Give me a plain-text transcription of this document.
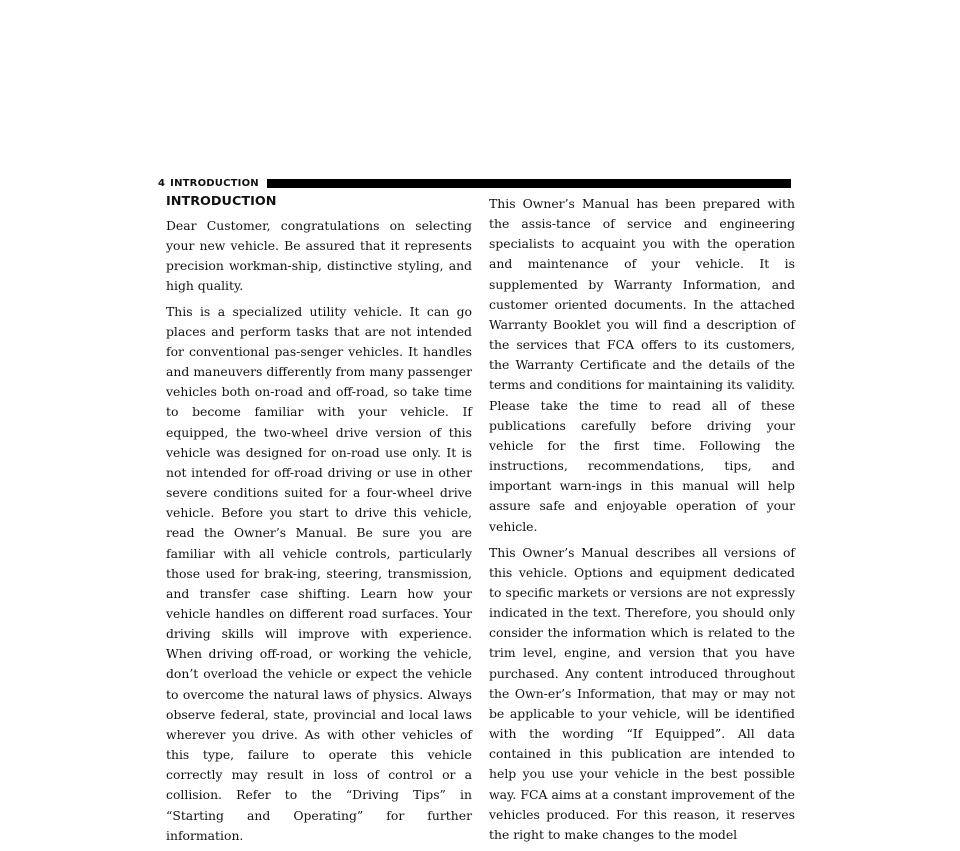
4 INTRODUCTION
INTRODUCTION

Dear Customer, congratulations on selecting your new vehicle. Be assured that it represents precision workman-ship, distinctive styling, and high quality.

This is a specialized utility vehicle. It can go places and perform tasks that are not intended for conventional pas-senger vehicles. It handles and maneuvers differently from many passenger vehicles both on-road and off-road, so take time to become familiar with your vehicle. If equipped, the two-wheel drive version of this vehicle was designed for on-road use only. It is not intended for off-road driving or use in other severe conditions suited for a four-wheel drive vehicle. Before you start to drive this vehicle, read the Owner’s Manual. Be sure you are familiar with all vehicle controls, particularly those used for brak-ing, steering, transmission, and transfer case shifting. Learn how your vehicle handles on different road surfaces. Your driving skills will improve with experience. When driving off-road, or working the vehicle, don’t overload the vehicle or expect the vehicle to overcome the natural laws of physics. Always observe federal, state, provincial and local laws wherever you drive. As with other vehicles of this type, failure to operate this vehicle correctly may result in loss of control or a collision. Refer to the “Driving Tips” in “Starting and Operating” for further information.

This Owner’s Manual has been prepared with the assis-tance of service and engineering specialists to acquaint you with the operation and maintenance of your vehicle. It is supplemented by Warranty Information, and customer oriented documents. In the attached Warranty Booklet you will find a description of the services that FCA offers to its customers, the Warranty Certificate and the details of the terms and conditions for maintaining its validity. Please take the time to read all of these publications carefully before driving your vehicle for the first time. Following the instructions, recommendations, tips, and important warn-ings in this manual will help assure safe and enjoyable operation of your vehicle.

This Owner’s Manual describes all versions of this vehicle. Options and equipment dedicated to specific markets or versions are not expressly indicated in the text. Therefore, you should only consider the information which is related to the trim level, engine, and version that you have purchased. Any content introduced throughout the Own-er’s Information, that may or may not be applicable to your vehicle, will be identified with the wording “If Equipped”. All data contained in this publication are intended to help you use your vehicle in the best possible way. FCA aims at a constant improvement of the vehicles produced. For this reason, it reserves the right to make changes to the model
